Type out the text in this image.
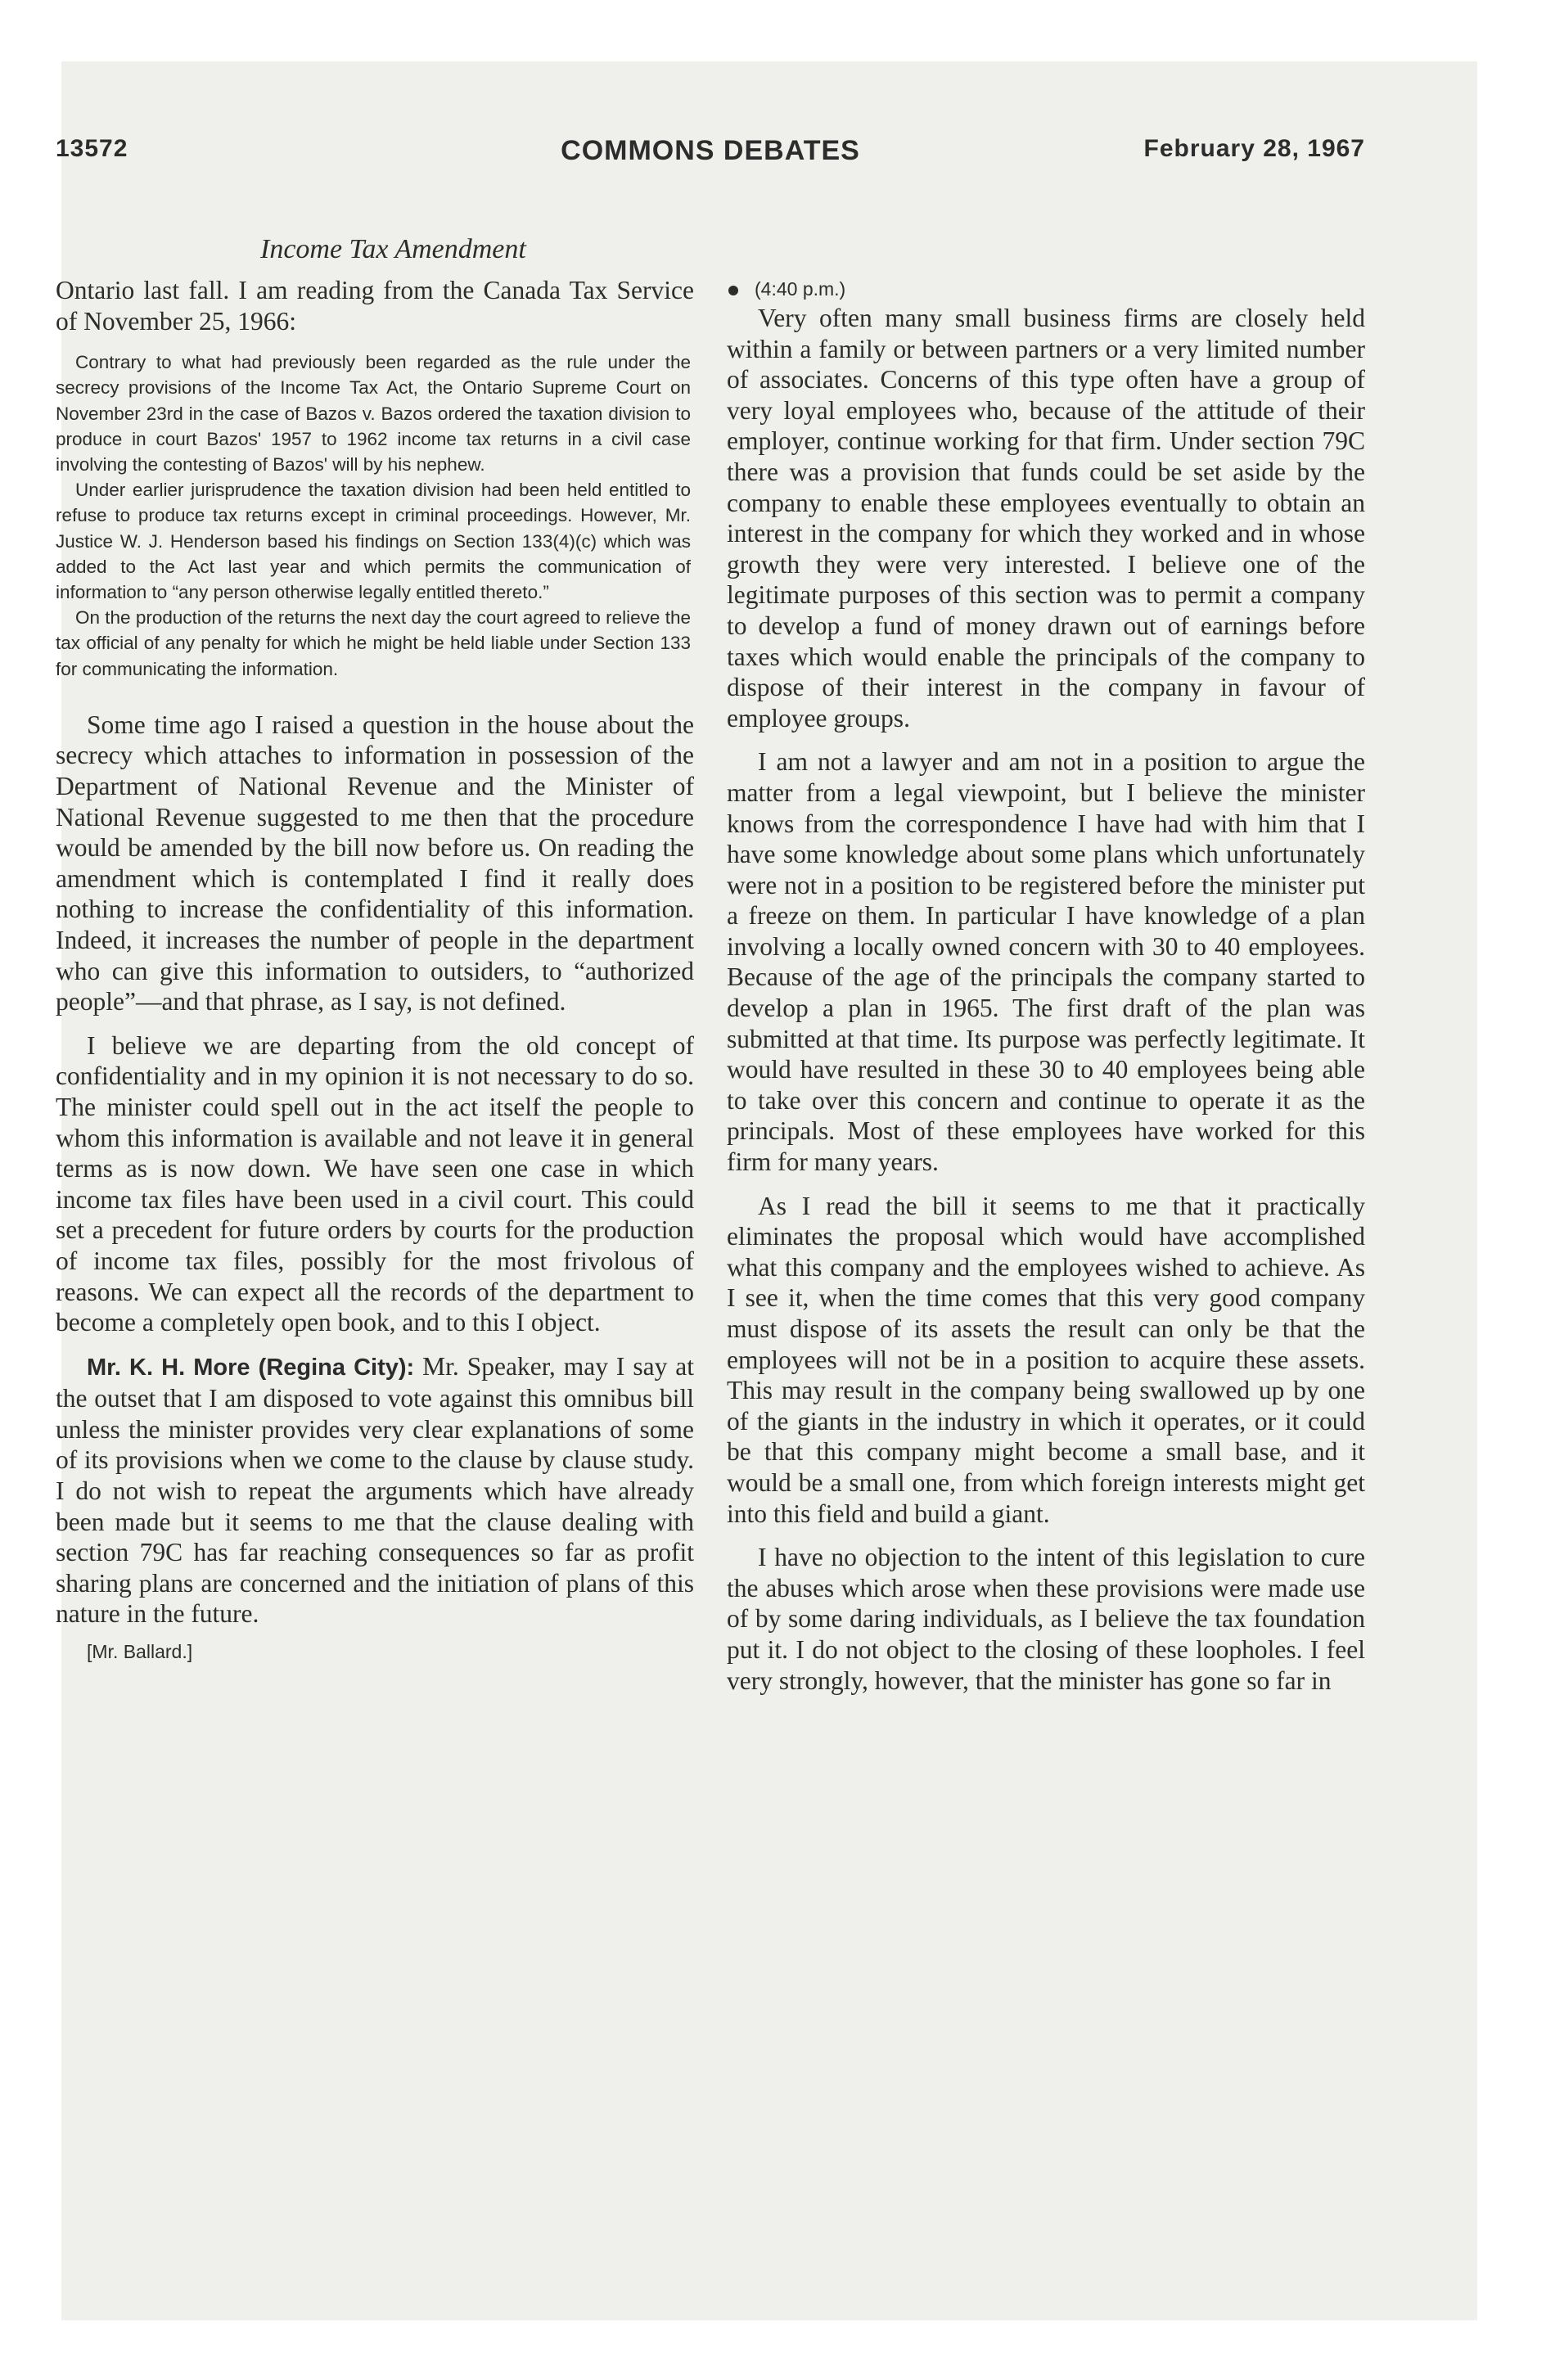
13572	COMMONS DEBATES	February 28, 1967
Income Tax Amendment

Ontario last fall. I am reading from the Canada Tax Service of November 25, 1966:

Contrary to what had previously been regarded as the rule under the secrecy provisions of the Income Tax Act, the Ontario Supreme Court on November 23rd in the case of Bazos v. Bazos ordered the taxation division to produce in court Bazos' 1957 to 1962 income tax returns in a civil case involving the contesting of Bazos' will by his nephew.

Under earlier jurisprudence the taxation division had been held entitled to refuse to produce tax returns except in criminal proceedings. However, Mr. Justice W. J. Henderson based his findings on Section 133(4)(c) which was added to the Act last year and which permits the communication of information to “any person otherwise legally entitled thereto.”

On the production of the returns the next day the court agreed to relieve the tax official of any penalty for which he might be held liable under Section 133 for communicating the information.

Some time ago I raised a question in the house about the secrecy which attaches to information in possession of the Department of National Revenue and the Minister of National Revenue suggested to me then that the procedure would be amended by the bill now before us. On reading the amendment which is contemplated I find it really does nothing to increase the confidentiality of this information. Indeed, it increases the number of people in the department who can give this information to outsiders, to “authorized people”—and that phrase, as I say, is not defined.

I believe we are departing from the old concept of confidentiality and in my opinion it is not necessary to do so. The minister could spell out in the act itself the people to whom this information is available and not leave it in general terms as is now down. We have seen one case in which income tax files have been used in a civil court. This could set a precedent for future orders by courts for the production of income tax files, possibly for the most frivolous of reasons. We can expect all the records of the department to become a completely open book, and to this I object.

Mr. K. H. More (Regina City): Mr. Speaker, may I say at the outset that I am disposed to vote against this omnibus bill unless the minister provides very clear explanations of some of its provisions when we come to the clause by clause study. I do not wish to repeat the arguments which have already been made but it seems to me that the clause dealing with section 79C has far reaching consequences so far as profit sharing plans are concerned and the initiation of plans of this nature in the future.

[Mr. Ballard.]

(4:40 p.m.)

Very often many small business firms are closely held within a family or between partners or a very limited number of associates. Concerns of this type often have a group of very loyal employees who, because of the attitude of their employer, continue working for that firm. Under section 79C there was a provision that funds could be set aside by the company to enable these employees eventually to obtain an interest in the company for which they worked and in whose growth they were very interested. I believe one of the legitimate purposes of this section was to permit a company to develop a fund of money drawn out of earnings before taxes which would enable the principals of the company to dispose of their interest in the company in favour of employee groups.

I am not a lawyer and am not in a position to argue the matter from a legal viewpoint, but I believe the minister knows from the correspondence I have had with him that I have some knowledge about some plans which unfortunately were not in a position to be registered before the minister put a freeze on them. In particular I have knowledge of a plan involving a locally owned concern with 30 to 40 employees. Because of the age of the principals the company started to develop a plan in 1965. The first draft of the plan was submitted at that time. Its purpose was perfectly legitimate. It would have resulted in these 30 to 40 employees being able to take over this concern and continue to operate it as the principals. Most of these employees have worked for this firm for many years.

As I read the bill it seems to me that it practically eliminates the proposal which would have accomplished what this company and the employees wished to achieve. As I see it, when the time comes that this very good company must dispose of its assets the result can only be that the employees will not be in a position to acquire these assets. This may result in the company being swallowed up by one of the giants in the industry in which it operates, or it could be that this company might become a small base, and it would be a small one, from which foreign interests might get into this field and build a giant.

I have no objection to the intent of this legislation to cure the abuses which arose when these provisions were made use of by some daring individuals, as I believe the tax foundation put it. I do not object to the closing of these loopholes. I feel very strongly, however, that the minister has gone so far in
